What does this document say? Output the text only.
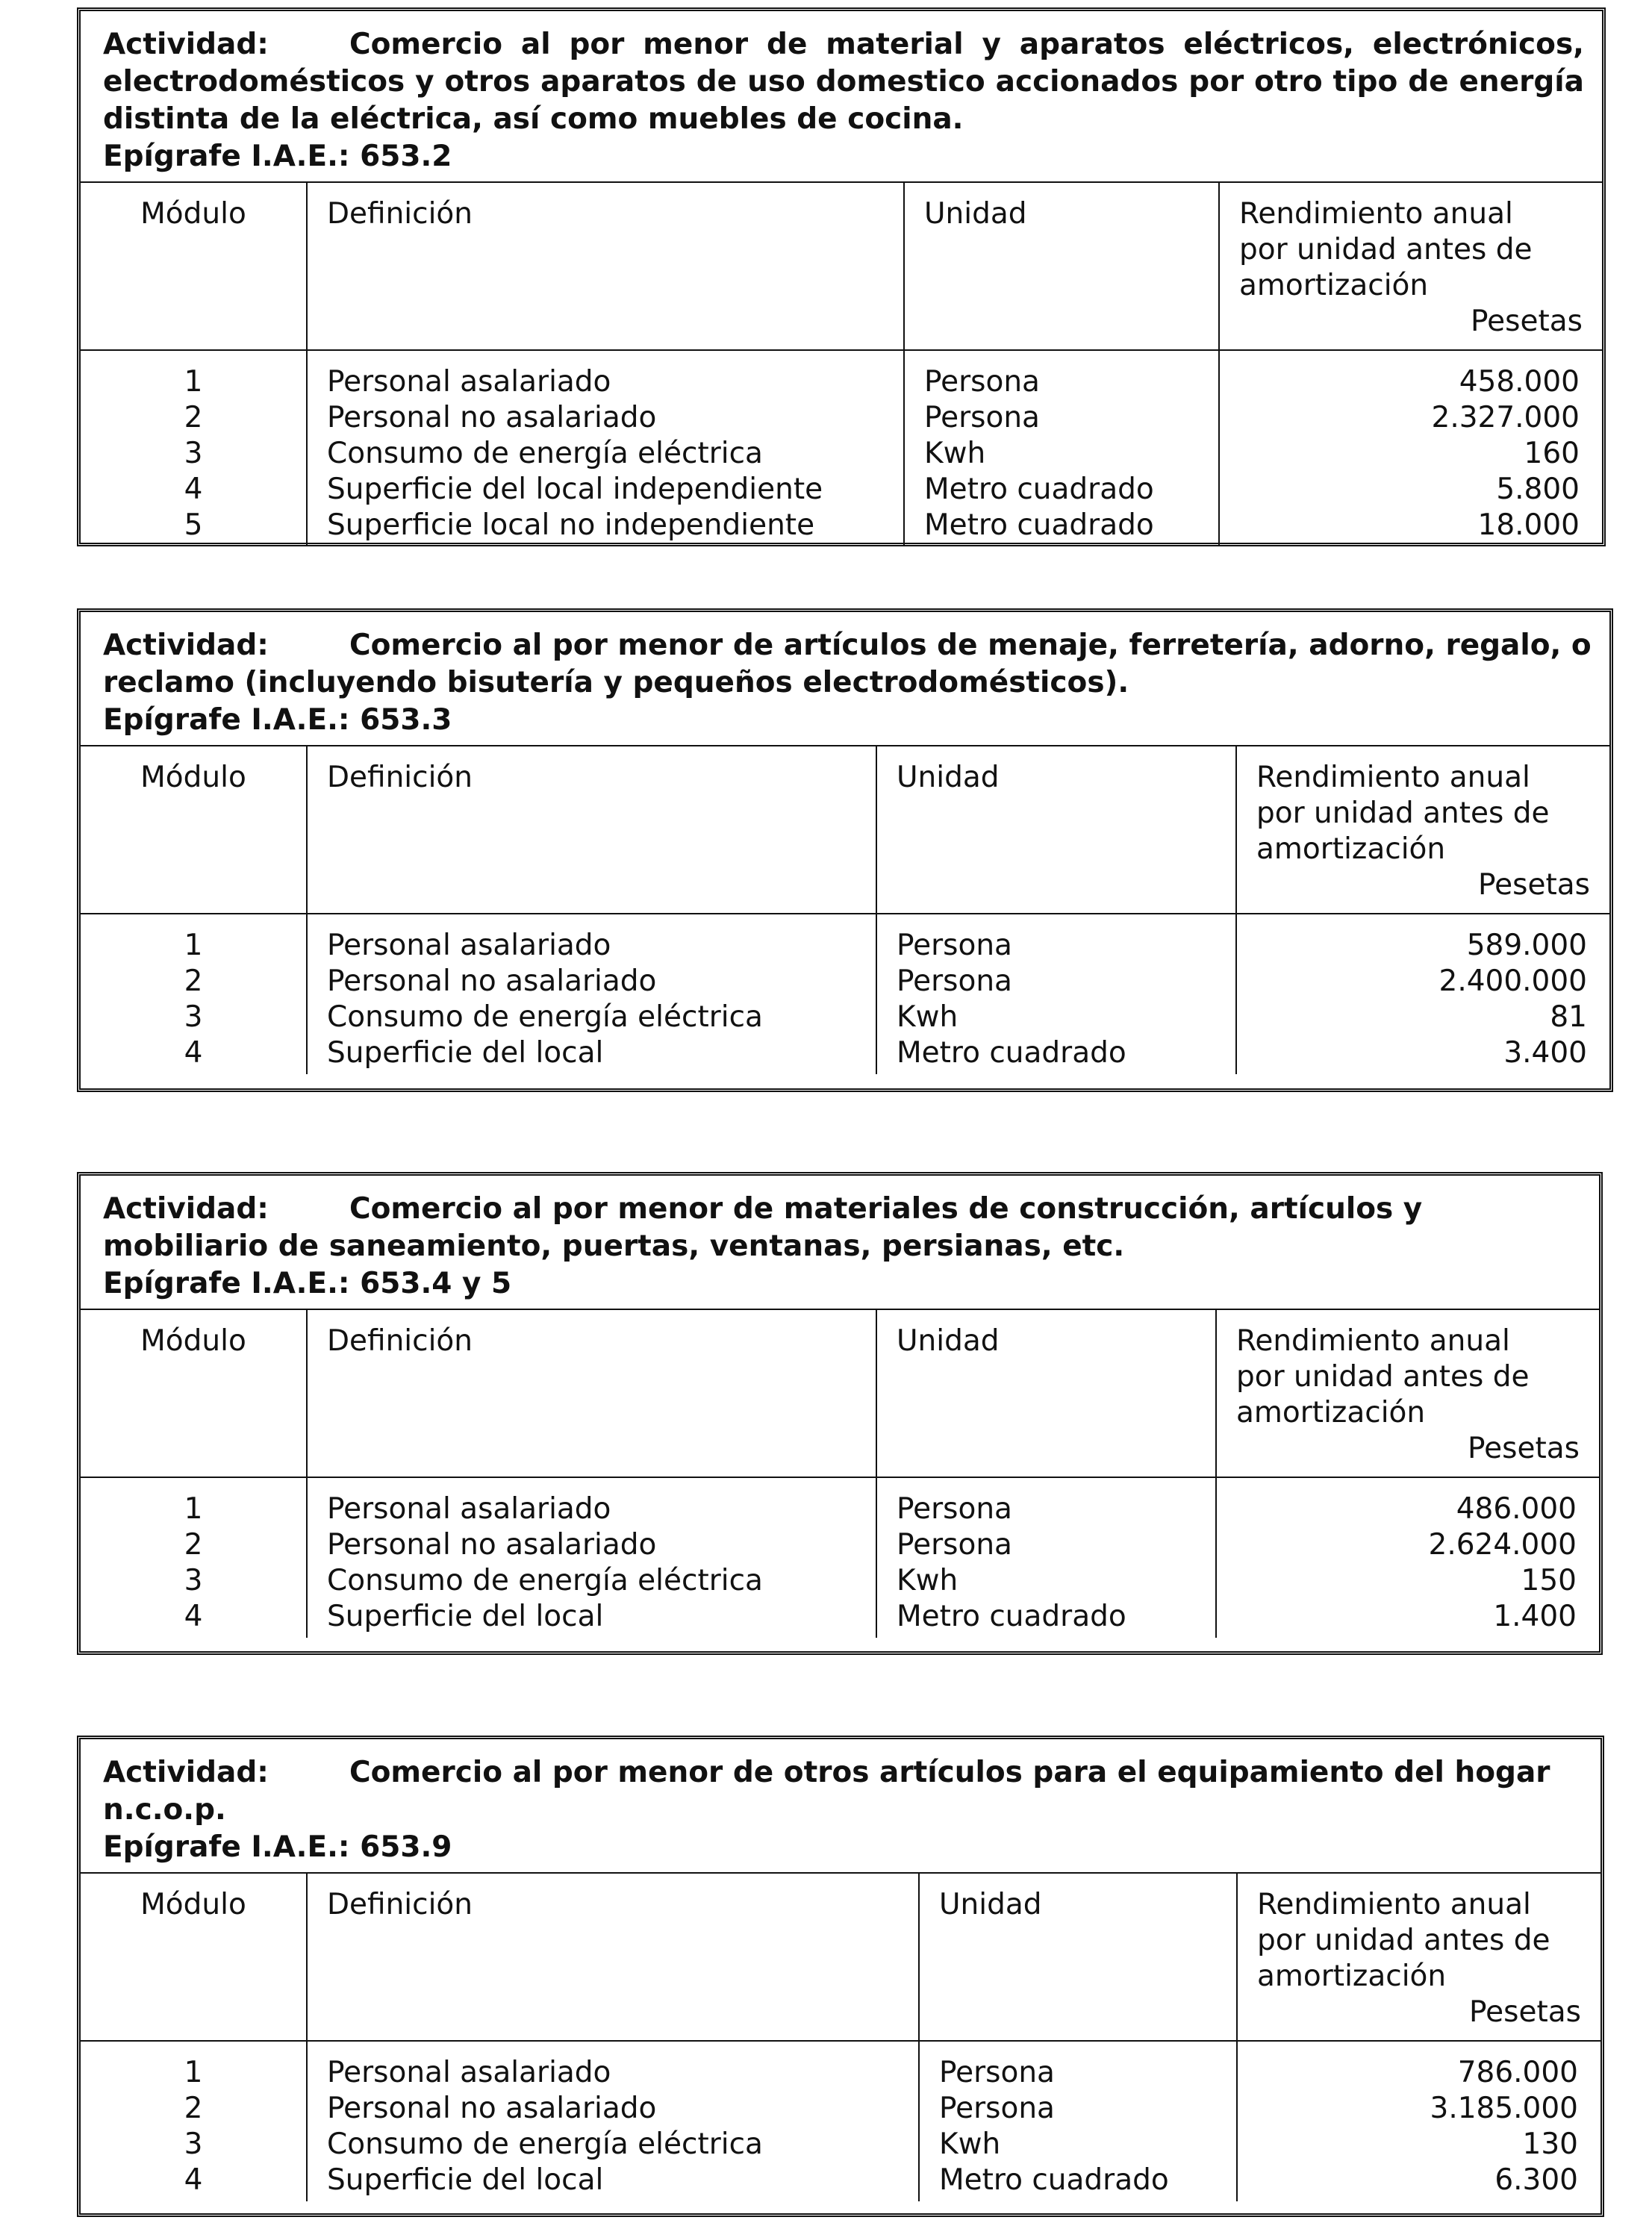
Actividad:	Comercio al por menor de material y aparatos eléctricos, electrónicos, electrodomésticos y otros aparatos de uso domestico accionados por otro tipo de energía distinta de la eléctrica, así como muebles de cocina.
Epígrafe I.A.E.: 653.2
Módulo	Definición	Unidad	Rendimiento anual
por unidad antes de
amortización
Pesetas

1	Personal asalariado	Persona	458.000
2	Personal no asalariado	Persona	2.327.000
3	Consumo de energía eléctrica	Kwh	160
4	Superficie del local independiente	Metro cuadrado	5.800
5	Superficie local no independiente	Metro cuadrado	18.000
Actividad:	Comercio al por menor de artículos de menaje, ferretería, adorno, regalo, o reclamo (incluyendo bisutería y pequeños electrodomésticos).
Epígrafe I.A.E.: 653.3
Módulo	Definición	Unidad	Rendimiento anual
por unidad antes de
amortización
Pesetas

1	Personal asalariado	Persona	589.000
2	Personal no asalariado	Persona	2.400.000
3	Consumo de energía eléctrica	Kwh	81
4	Superficie del local	Metro cuadrado	3.400
Actividad:	Comercio al por menor de materiales de construcción, artículos y mobiliario de saneamiento, puertas, ventanas, persianas, etc.
Epígrafe I.A.E.: 653.4 y 5
Módulo	Definición	Unidad	Rendimiento anual
por unidad antes de
amortización
Pesetas

1	Personal asalariado	Persona	486.000
2	Personal no asalariado	Persona	2.624.000
3	Consumo de energía eléctrica	Kwh	150
4	Superficie del local	Metro cuadrado	1.400
Actividad:	Comercio al por menor de otros artículos para el equipamiento del hogar n.c.o.p.
Epígrafe I.A.E.: 653.9
Módulo	Definición	Unidad	Rendimiento anual
por unidad antes de
amortización
Pesetas

1	Personal asalariado	Persona	786.000
2	Personal no asalariado	Persona	3.185.000
3	Consumo de energía eléctrica	Kwh	130
4	Superficie del local	Metro cuadrado	6.300
